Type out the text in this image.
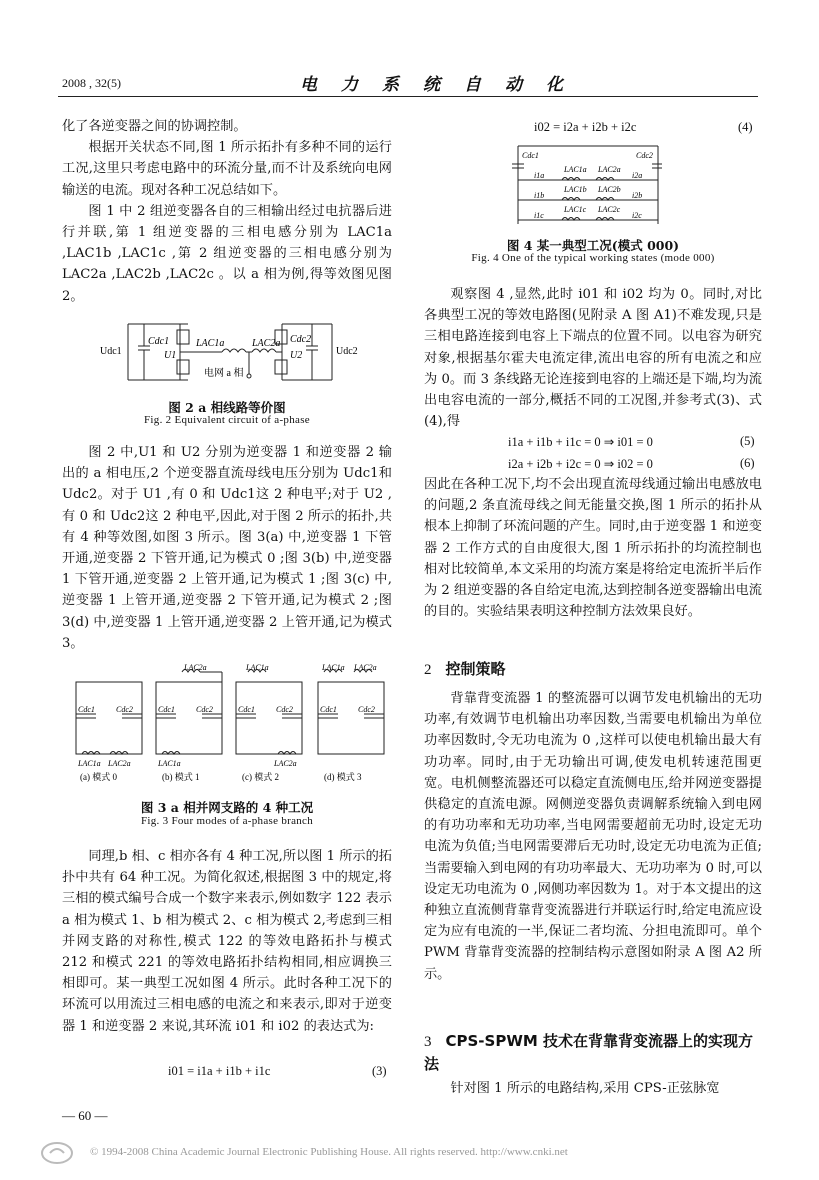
2008 , 32(5)	电力系统自动化

化了各逆变器之间的协调控制。

根据开关状态不同,图 1 所示拓扑有多种不同的运行工况,这里只考虑电路中的环流分量,而不计及系统向电网输送的电流。现对各种工况总结如下。

图 1 中 2 组逆变器各自的三相输出经过电抗器后进行并联,第 1 组逆变器的三相电感分别为 LAC1a ,LAC1b ,LAC1c ,第 2 组逆变器的三相电感分别为 LAC2a ,LAC2b ,LAC2c 。以 a 相为例,得等效图见图 2。

Udc1
Cdc1
U1
LAC1a	LAC2a
U2
Cdc2
Udc2
电网 a 相
图 2 a 相线路等价图
Fig. 2 Equivalent circuit of a-phase

图 2 中,U1 和 U2 分别为逆变器 1 和逆变器 2 输出的 a 相电压,2 个逆变器直流母线电压分别为 Udc1和 Udc2。对于 U1 ,有 0 和 Udc1这 2 种电平;对于 U2 ,有 0 和 Udc2这 2 种电平,因此,对于图 2 所示的拓扑,共有 4 种等效图,如图 3 所示。图 3(a) 中,逆变器 1 下管开通,逆变器 2 下管开通,记为模式 0 ;图 3(b) 中,逆变器 1 下管开通,逆变器 2 上管开通,记为模式 1 ;图 3(c) 中,逆变器 1 上管开通,逆变器 2 下管开通,记为模式 2 ;图 3(d) 中,逆变器 1 上管开通,逆变器 2 上管开通,记为模式 3。

Cdc1	Cdc2
LAC1a LAC2a
Cdc1	Cdc2
LAC1a
LAC2a
Cdc1	Cdc2
LAC1a
LAC2a
Cdc1	Cdc2
LAC1a LAC2a
(a) 模式 0	(b) 模式 1	(c) 模式 2	(d) 模式 3
图 3 a 相并网支路的 4 种工况
Fig. 3 Four modes of a-phase branch

同理,b 相、c 相亦各有 4 种工况,所以图 1 所示的拓扑中共有 64 种工况。为简化叙述,根据图 3 中的规定,将三相的模式编号合成一个数字来表示,例如数字 122 表示 a 相为模式 1、b 相为模式 2、c 相为模式 2,考虑到三相并网支路的对称性,模式 122 的等效电路拓扑与模式 212 和模式 221 的等效电路拓扑结构相同,相应调换三相即可。某一典型工况如图 4 所示。此时各种工况下的环流可以用流过三相电感的电流之和来表示,即对于逆变器 1 和逆变器 2 来说,其环流 i01 和 i02 的表达式为:

i01 = i1a + i1b + i1c	(3)
i02 = i2a + i2b + i2c	(4)
Cdc1	Cdc2
i1a
LAC1a LAC2a
i2a
i1b
LAC1b LAC2b
i2b
i1c
LAC1c LAC2c
i2c
图 4 某一典型工况(模式 000)
Fig. 4 One of the typical working states (mode 000)

观察图 4 ,显然,此时 i01 和 i02 均为 0。同时,对比各典型工况的等效电路图(见附录 A 图 A1)不难发现,只是三相电路连接到电容上下端点的位置不同。以电容为研究对象,根据基尔霍夫电流定律,流出电容的所有电流之和应为 0。而 3 条线路无论连接到电容的上端还是下端,均为流出电容电流的一部分,概括不同的工况图,并参考式(3)、式(4),得

i1a + i1b + i1c = 0 ⇒ i01 = 0	(5)
i2a + i2b + i2c = 0 ⇒ i02 = 0	(6)

因此在各种工况下,均不会出现直流母线通过输出电感放电的问题,2 条直流母线之间无能量交换,图 1 所示的拓扑从根本上抑制了环流问题的产生。同时,由于逆变器 1 和逆变器 2 工作方式的自由度很大,图 1 所示拓扑的均流控制也相对比较简单,本文采用的均流方案是将给定电流折半后作为 2 组逆变器的各自给定电流,达到控制各逆变器输出电流的目的。实验结果表明这种控制方法效果良好。

2 控制策略

背靠背变流器 1 的整流器可以调节发电机输出的无功功率,有效调节电机输出功率因数,当需要电机输出为单位功率因数时,令无功电流为 0 ,这样可以使电机输出最大有功功率。同时,由于无功输出可调,使发电机转速范围更宽。电机侧整流器还可以稳定直流侧电压,给并网逆变器提供稳定的直流电源。网侧逆变器负责调解系统输入到电网的有功功率和无功功率,当电网需要超前无功时,设定无功电流为负值;当电网需要滞后无功时,设定无功电流为正值;当需要输入到电网的有功功率最大、无功功率为 0 时,可以设定无功电流为 0 ,网侧功率因数为 1。对于本文提出的这种独立直流侧背靠背变流器进行并联运行时,给定电流应设定为应有电流的一半,保证二者均流、分担电流即可。单个 PWM 背靠背变流器的控制结构示意图如附录 A 图 A2 所示。

3 CPS-SPWM 技术在背靠背变流器上的实现方法

针对图 1 所示的电路结构,采用 CPS-正弦脉宽

— 60 —
© 1994-2008 China Academic Journal Electronic Publishing House. All rights reserved. http://www.cnki.net
